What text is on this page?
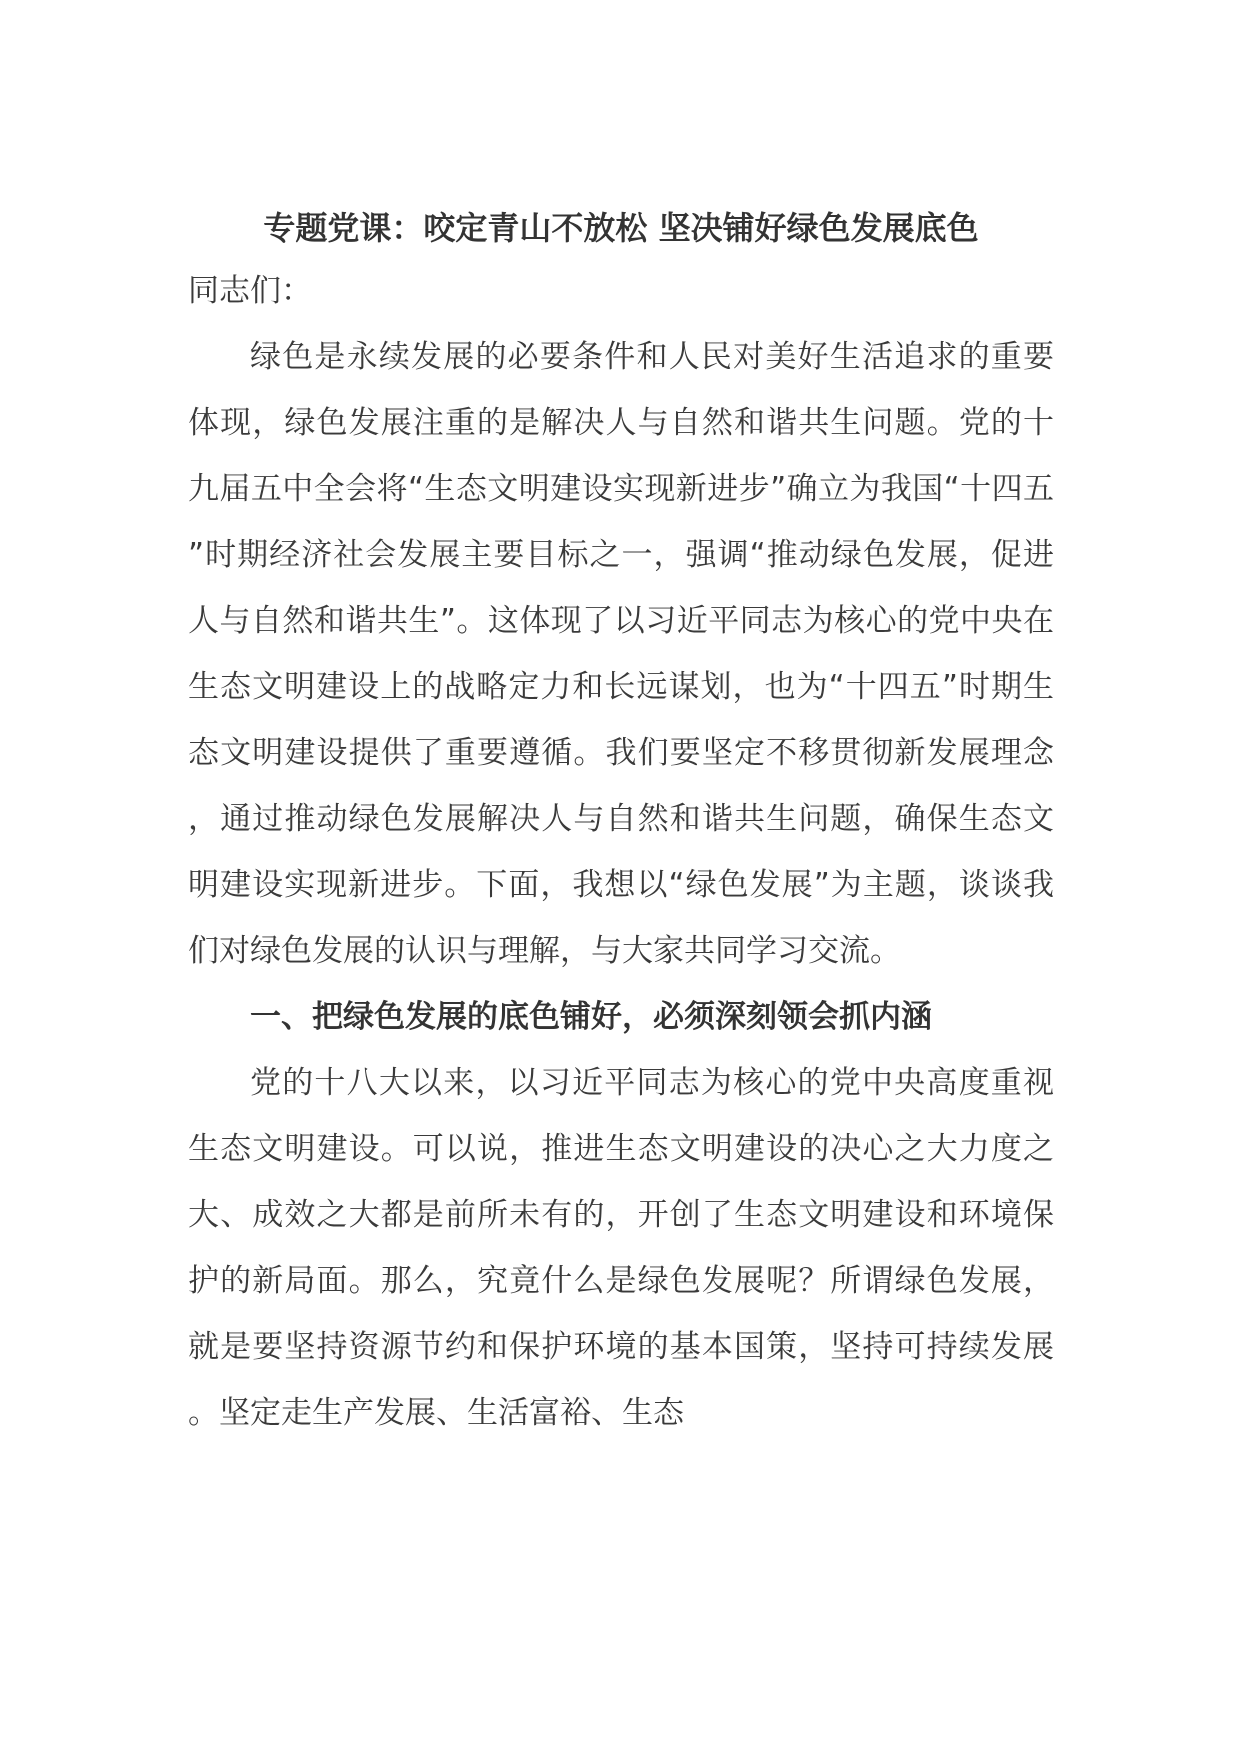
专题党课：咬定青山不放松 坚决铺好绿色发展底色

同志们：

绿色是永续发展的必要条件和人民对美好生活追求的重要体现，绿色发展注重的是解决人与自然和谐共生问题。党的十九届五中全会将“生态文明建设实现新进步”确立为我国“十四五”时期经济社会发展主要目标之一，强调“推动绿色发展，促进人与自然和谐共生”。这体现了以习近平同志为核心的党中央在生态文明建设上的战略定力和长远谋划，也为“十四五”时期生态文明建设提供了重要遵循。我们要坚定不移贯彻新发展理念，通过推动绿色发展解决人与自然和谐共生问题，确保生态文明建设实现新进步。下面，我想以“绿色发展”为主题，谈谈我们对绿色发展的认识与理解，与大家共同学习交流。

一、把绿色发展的底色铺好，必须深刻领会抓内涵

党的十八大以来，以习近平同志为核心的党中央高度重视生态文明建设。可以说，推进生态文明建设的决心之大力度之大、成效之大都是前所未有的，开创了生态文明建设和环境保护的新局面。那么，究竟什么是绿色发展呢？所谓绿色发展，就是要坚持资源节约和保护环境的基本国策，坚持可持续发展。坚定走生产发展、生活富裕、生态
